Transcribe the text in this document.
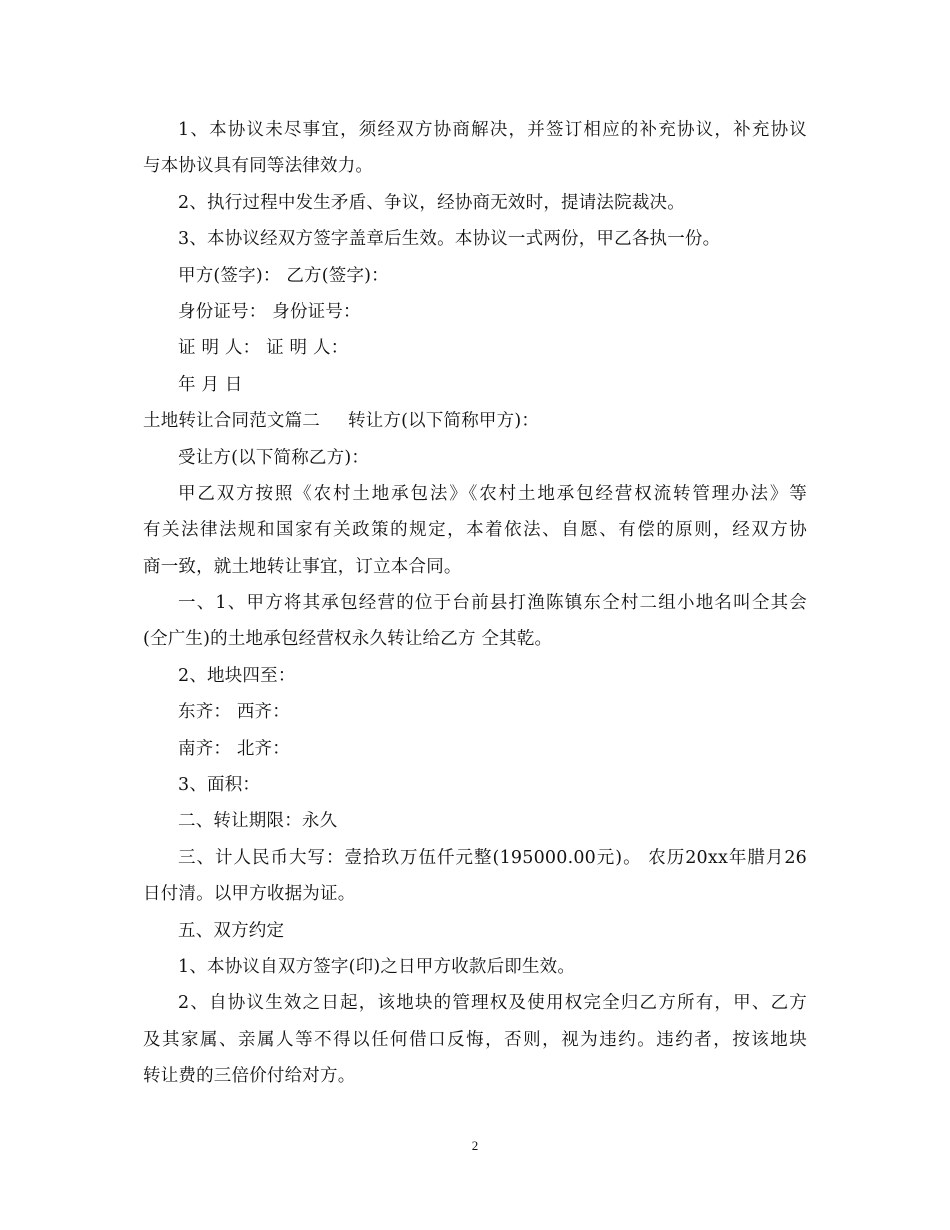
1、本协议未尽事宜，须经双方协商解决，并签订相应的补充协议，补充协议
与本协议具有同等法律效力。
2、执行过程中发生矛盾、争议，经协商无效时，提请法院裁决。
3、本协议经双方签字盖章后生效。本协议一式两份，甲乙各执一份。
甲方(签字)： 乙方(签字)：
身份证号： 身份证号：
证 明 人： 证 明 人：
年 月 日
土地转让合同范文篇二 转让方(以下简称甲方)：
受让方(以下简称乙方)：
甲乙双方按照《农村土地承包法》《农村土地承包经营权流转管理办法》等
有关法律法规和国家有关政策的规定，本着依法、自愿、有偿的原则，经双方协
商一致，就土地转让事宜，订立本合同。
一、1、甲方将其承包经营的位于台前县打渔陈镇东仝村二组小地名叫仝其会
(仝广生)的土地承包经营权永久转让给乙方 仝其乾。
2、地块四至：
东齐： 西齐：
南齐： 北齐：
3、面积：
二、转让期限：永久
三、计人民币大写：壹拾玖万伍仟元整(195000.00元)。 农历20xx年腊月26
日付清。以甲方收据为证。
五、双方约定
1、本协议自双方签字(印)之日甲方收款后即生效。
2、自协议生效之日起，该地块的管理权及使用权完全归乙方所有，甲、乙方
及其家属、亲属人等不得以任何借口反悔，否则，视为违约。违约者，按该地块
转让费的三倍价付给对方。
2
